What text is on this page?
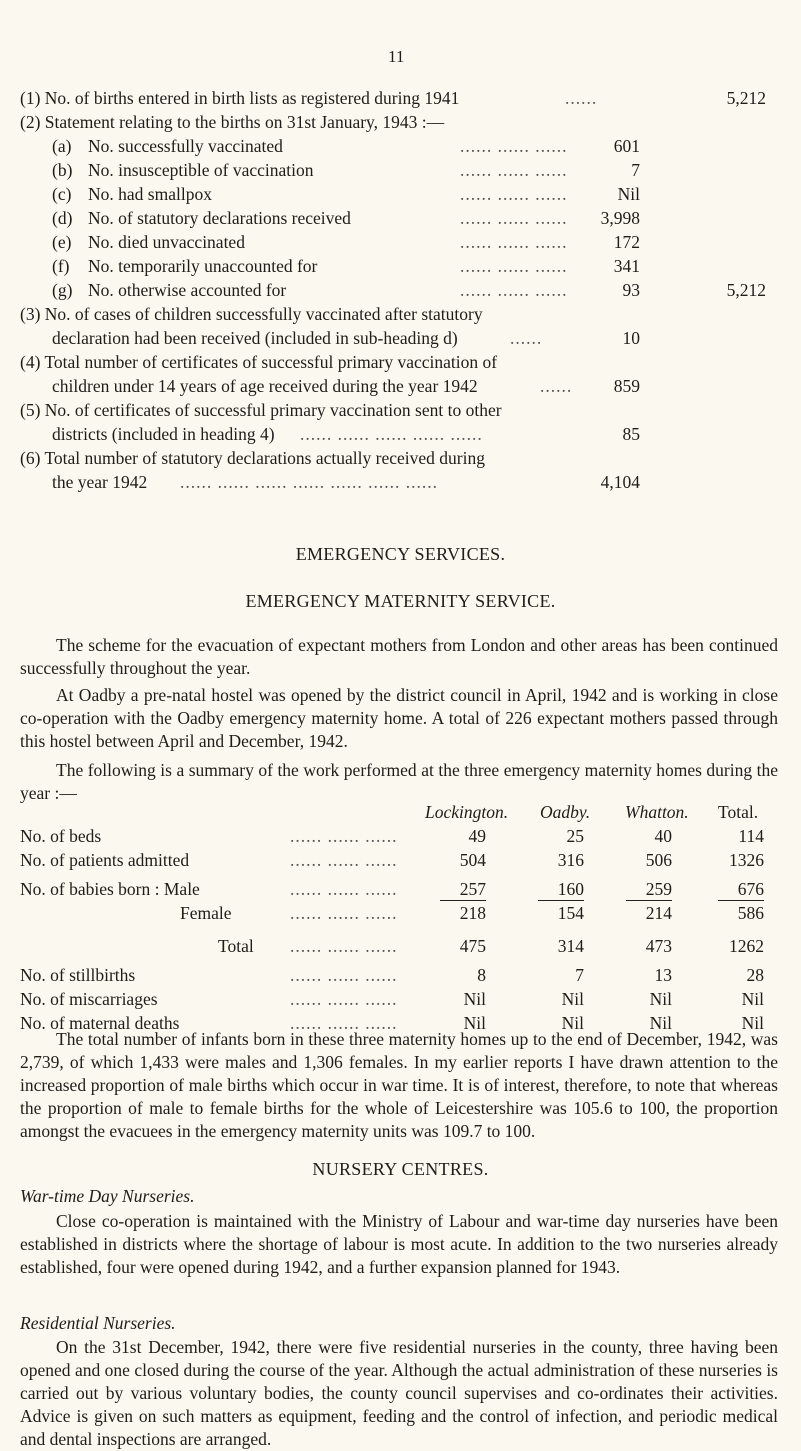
11
(1) No. of births entered in birth lists as registered during 1941	......	5,212
(2) Statement relating to the births on 31st January, 1943 :—
(a) No. successfully vaccinated	...... ...... ......	601
(b) No. insusceptible of vaccination	...... ...... ......	7
(c) No. had smallpox	...... ...... ......	Nil
(d) No. of statutory declarations received	...... ...... ......	3,998
(e) No. died unvaccinated	...... ...... ......	172
(f) No. temporarily unaccounted for	...... ...... ......	341
(g) No. otherwise accounted for	...... ...... ......	93	5,212
(3) No. of cases of children successfully vaccinated after statutory
declaration had been received (included in sub-heading d)	......	10
(4) Total number of certificates of successful primary vaccination of
children under 14 years of age received during the year 1942	......	859
(5) No. of certificates of successful primary vaccination sent to other
districts (included in heading 4) ...... ...... ...... ...... ......	85
(6) Total number of statutory declarations actually received during
the year 1942 ...... ...... ...... ...... ...... ...... ......	4,104
EMERGENCY SERVICES.
EMERGENCY MATERNITY SERVICE.

The scheme for the evacuation of expectant mothers from London and other areas has been continued successfully throughout the year.

At Oadby a pre-natal hostel was opened by the district council in April, 1942 and is working in close co-operation with the Oadby emergency maternity home. A total of 226 expectant mothers passed through this hostel between April and December, 1942.

The following is a summary of the work performed at the three emergency maternity homes during the year :—

Lockington. Oadby. Whatton. Total.
No. of beds	...... ...... ......	49	25	40	114
No. of patients admitted	...... ...... ......	504	316	506	1326
No. of babies born : Male	...... ...... ......	257	160	259	676
Female	...... ...... ......	218	154	214	586
Total ...... ...... ......	475	314	473	1262
No. of stillbirths	...... ...... ......	8	7	13	28
No. of miscarriages	...... ...... ......	Nil	Nil	Nil	Nil
No. of maternal deaths	...... ...... ......	Nil	Nil	Nil	Nil

The total number of infants born in these three maternity homes up to the end of December, 1942, was 2,739, of which 1,433 were males and 1,306 females. In my earlier reports I have drawn attention to the increased proportion of male births which occur in war time. It is of interest, therefore, to note that whereas the proportion of male to female births for the whole of Leicestershire was 105.6 to 100, the proportion amongst the evacuees in the emergency maternity units was 109.7 to 100.

NURSERY CENTRES.
War-time Day Nurseries.

Close co-operation is maintained with the Ministry of Labour and war-time day nurseries have been established in districts where the shortage of labour is most acute. In addition to the two nurseries already established, four were opened during 1942, and a further expansion planned for 1943.

Residential Nurseries.

On the 31st December, 1942, there were five residential nurseries in the county, three having been opened and one closed during the course of the year. Although the actual administration of these nurseries is carried out by various voluntary bodies, the county council supervises and co-ordinates their activities. Advice is given on such matters as equipment, feeding and the control of infection, and periodic medical and dental inspections are arranged.
